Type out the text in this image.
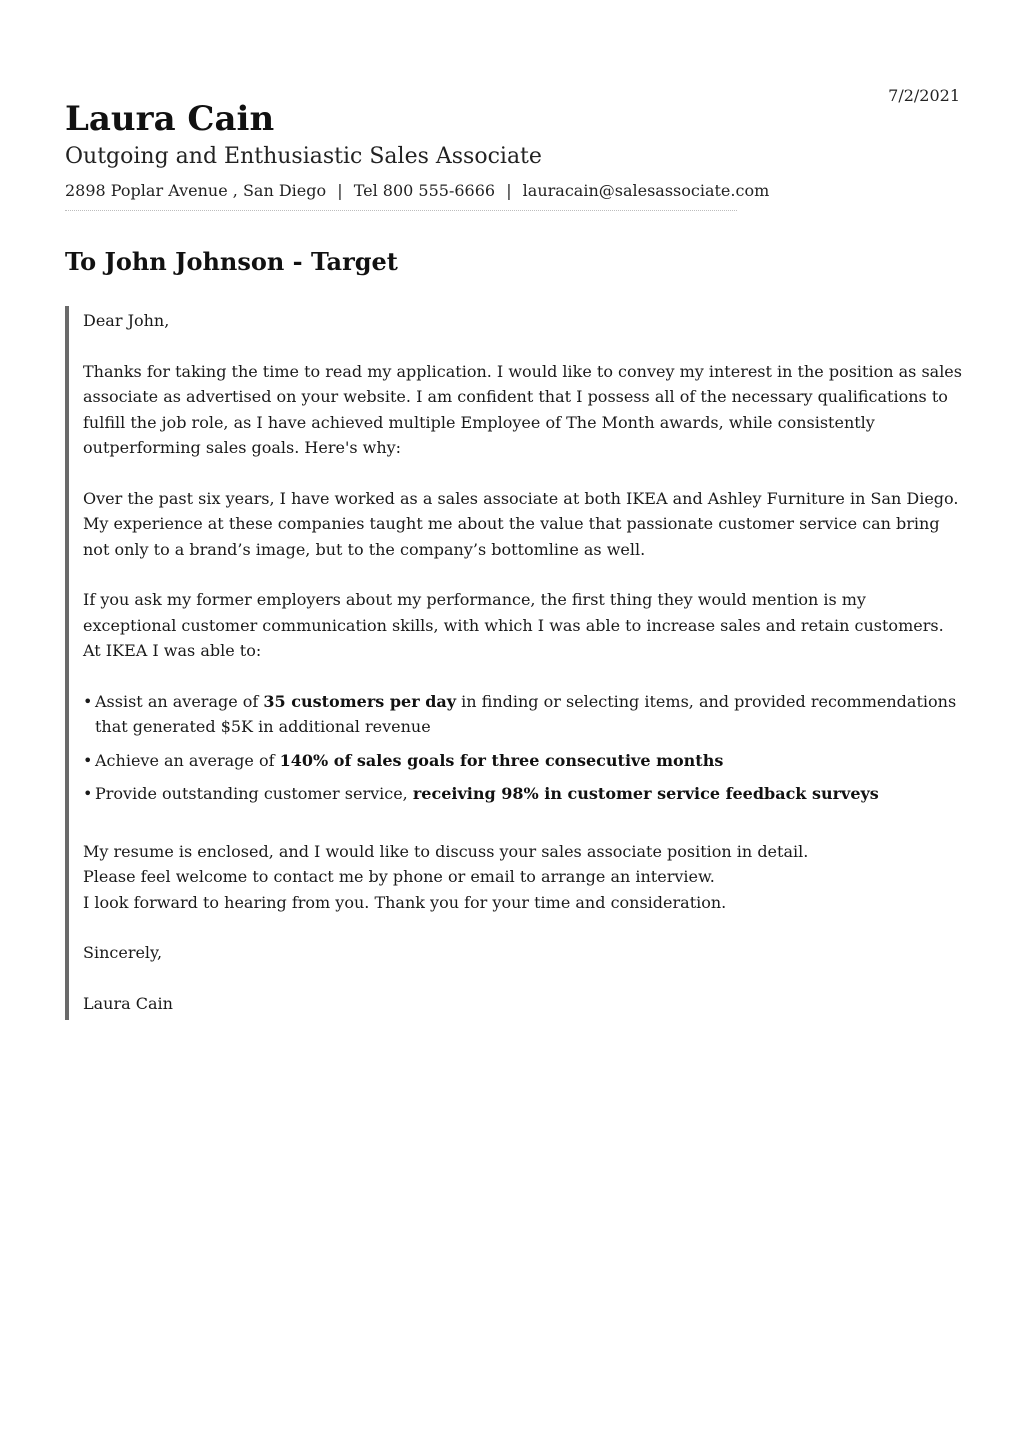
7/2/2021
Laura Cain

Outgoing and Enthusiastic Sales Associate

2898 Poplar Avenue , San Diego | Tel 800 555-6666 | lauracain@salesassociate.com
To John Johnson - Target

Dear John,

Thanks for taking the time to read my application. I would like to convey my interest in the position as sales associate as advertised on your website. I am confident that I possess all of the necessary qualifications to fulfill the job role, as I have achieved multiple Employee of The Month awards, while consistently outperforming sales goals. Here's why:

Over the past six years, I have worked as a sales associate at both IKEA and Ashley Furniture in San Diego. My experience at these companies taught me about the value that passionate customer service can bring not only to a brand’s image, but to the company’s bottomline as well.

If you ask my former employers about my performance, the first thing they would mention is my exceptional customer communication skills, with which I was able to increase sales and retain customers. At IKEA I was able to:

• Assist an average of 35 customers per day in finding or selecting items, and provided recommendations that generated $5K in additional revenue
• Achieve an average of 140% of sales goals for three consecutive months
• Provide outstanding customer service, receiving 98% in customer service feedback surveys

My resume is enclosed, and I would like to discuss your sales associate position in detail.

Please feel welcome to contact me by phone or email to arrange an interview.

I look forward to hearing from you. Thank you for your time and consideration.

Sincerely,

Laura Cain
